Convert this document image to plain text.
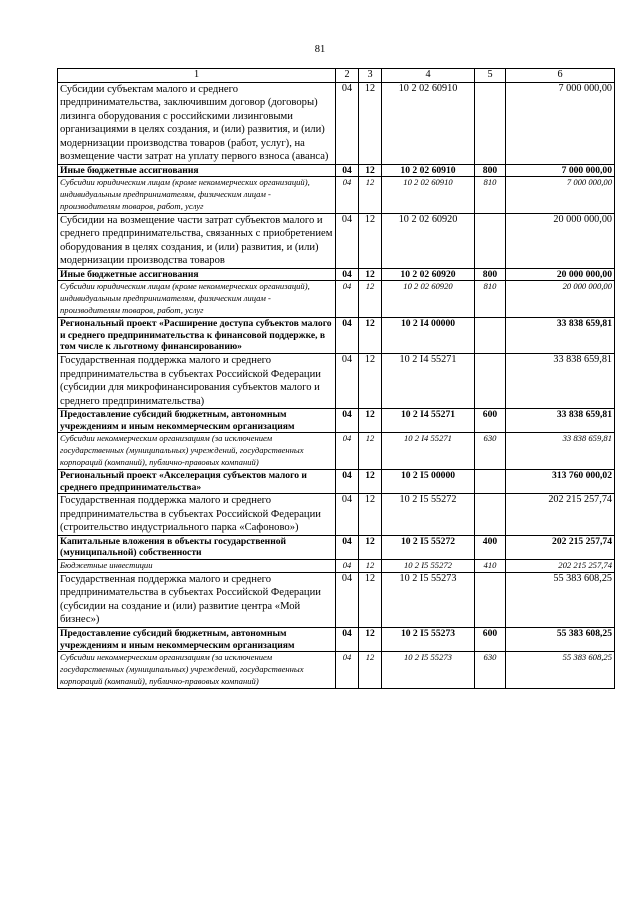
81
1	2	3	4	5	6
Субсидии субъектам малого и среднего предпринимательства, заключившим договор (договоры) лизинга оборудования с российскими лизинговыми организациями в целях создания, и (или) развития, и (или) модернизации производства товаров (работ, услуг), на возмещение части затрат на уплату первого взноса (аванса)	04	12	10 2 02 60910		7 000 000,00
Иные бюджетные ассигнования	04	12	10 2 02 60910	800	7 000 000,00
Субсидии юридическим лицам (кроме некоммерческих организаций), индивидуальным предпринимателям, физическим лицам - производителям товаров, работ, услуг	04	12	10 2 02 60910	810	7 000 000,00
Субсидии на возмещение части затрат субъектов малого и среднего предпринимательства, связанных с приобретением оборудования в целях создания, и (или) развития, и (или) модернизации производства товаров	04	12	10 2 02 60920		20 000 000,00
Иные бюджетные ассигнования	04	12	10 2 02 60920	800	20 000 000,00
Субсидии юридическим лицам (кроме некоммерческих организаций), индивидуальным предпринимателям, физическим лицам - производителям товаров, работ, услуг	04	12	10 2 02 60920	810	20 000 000,00
Региональный проект «Расширение доступа субъектов малого и среднего предпринимательства к финансовой поддержке, в том числе к льготному финансированию»	04	12	10 2 I4 00000		33 838 659,81
Государственная поддержка малого и среднего предпринимательства в субъектах Российской Федерации (субсидии для микрофинансирования субъектов малого и среднего предпринимательства)	04	12	10 2 I4 55271		33 838 659,81
Предоставление субсидий бюджетным, автономным учреждениям и иным некоммерческим организациям	04	12	10 2 I4 55271	600	33 838 659,81
Субсидии некоммерческим организациям (за исключением государственных (муниципальных) учреждений, государственных корпораций (компаний), публично-правовых компаний)	04	12	10 2 I4 55271	630	33 838 659,81
Региональный проект «Акселерация субъектов малого и среднего предпринимательства»	04	12	10 2 I5 00000		313 760 000,02
Государственная поддержка малого и среднего предпринимательства в субъектах Российской Федерации (строительство индустриального парка «Сафоново»)	04	12	10 2 I5 55272		202 215 257,74
Капитальные вложения в объекты государственной (муниципальной) собственности	04	12	10 2 I5 55272	400	202 215 257,74
Бюджетные инвестиции	04	12	10 2 I5 55272	410	202 215 257,74
Государственная поддержка малого и среднего предпринимательства в субъектах Российской Федерации (субсидии на создание и (или) развитие центра «Мой бизнес»)	04	12	10 2 I5 55273		55 383 608,25
Предоставление субсидий бюджетным, автономным учреждениям и иным некоммерческим организациям	04	12	10 2 I5 55273	600	55 383 608,25
Субсидии некоммерческим организациям (за исключением государственных (муниципальных) учреждений, государственных корпораций (компаний), публично-правовых компаний)	04	12	10 2 I5 55273	630	55 383 608,25
